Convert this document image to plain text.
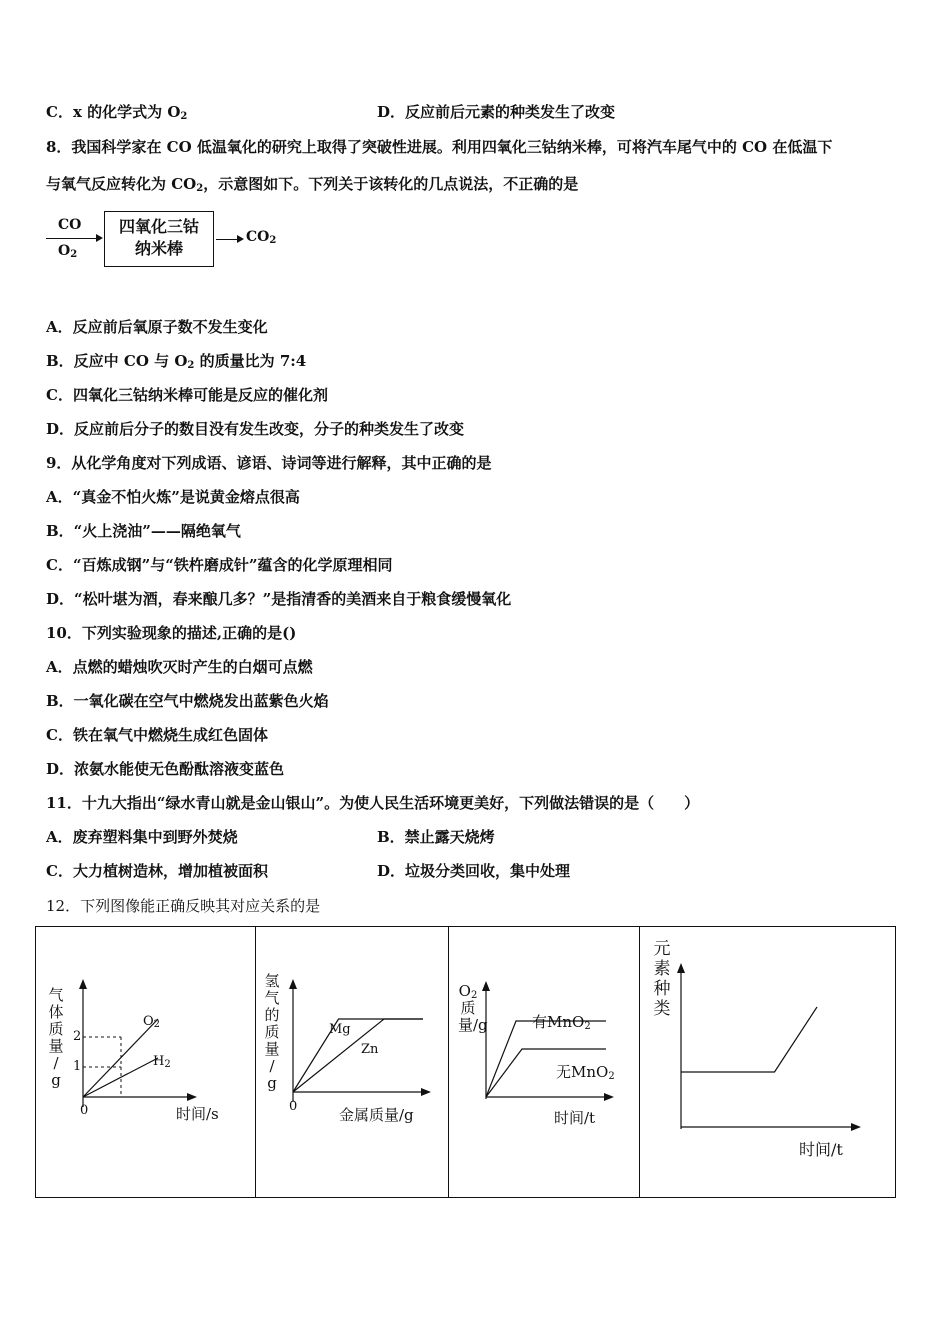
C．x 的化学式为 $O_2$	D．反应前后元素的种类发生了改变
8．我国科学家在 CO 低温氧化的研究上取得了突破性进展。利用四氧化三钴纳米棒，可将汽车尾气中的 CO 在低温下
与氧气反应转化为 $CO_2$，示意图如下。下列关于该转化的几点说法，不正确的是
CO
$O_2$
四氧化三钴
纳米棒
$CO_2$
A．反应前后氧原子数不发生变化
B．反应中 CO 与 $O_2$ 的质量比为 7:4
C．四氧化三钴纳米棒可能是反应的催化剂
D．反应前后分子的数目没有发生改变，分子的种类发生了改变
9．从化学角度对下列成语、谚语、诗词等进行解释，其中正确的是
A．“真金不怕火炼”是说黄金熔点很高
B．“火上浇油”——隔绝氧气
C．“百炼成钢”与“铁杵磨成针”蕴含的化学原理相同
D．“松叶堪为酒，春来酿几多？”是指清香的美酒来自于粮食缓慢氧化
10．下列实验现象的描述,正确的是()
A．点燃的蜡烛吹灭时产生的白烟可点燃
B．一氧化碳在空气中燃烧发出蓝紫色火焰
C．铁在氧气中燃烧生成红色固体
D．浓氨水能使无色酚酞溶液变蓝色
11．十九大指出“绿水青山就是金山银山”。为使人民生活环境更美好，下列做法错误的是（　　）
A．废弃塑料集中到野外焚烧	B．禁止露天烧烤
C．大力植树造林，增加植被面积	D．垃圾分类回收，集中处理
12．下列图像能正确反映其对应关系的是
气
体
质
量
/
g
2
1
0	时间/s
$O_2$
$H_2$
氢
气
的
质
量
/
g
0	金属质量/g
Mg
Zn
$O_2$
质量/g
时间/t
有MnO$_2$
无MnO$_2$
元
素
种
类
时间/t
